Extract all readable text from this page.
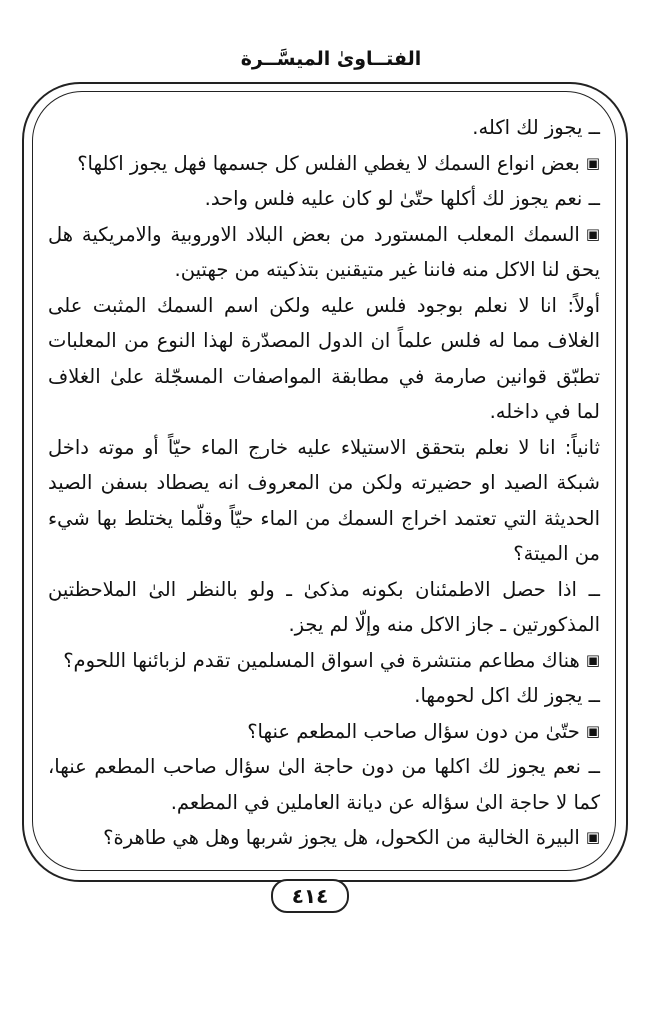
الفتــاوىٰ الميسَّــرة

ــ يجوز لك اكله.

▣ بعض انواع السمك لا يغطي الفلس كل جسمها فهل يجوز اكلها؟

ــ نعم يجوز لك أكلها حتّىٰ لو كان عليه فلس واحد.

▣ السمك المعلب المستورد من بعض البلاد الاوروبية والامريكية هل يحق لنا الاكل منه فاننا غير متيقنين بتذكيته من جهتين.

أولاً: انا لا نعلم بوجود فلس عليه ولكن اسم السمك المثبت على الغلاف مما له فلس علماً ان الدول المصدّرة لهذا النوع من المعلبات تطبّق قوانين صارمة في مطابقة المواصفات المسجّلة علىٰ الغلاف لما في داخله.

ثانياً: انا لا نعلم بتحقق الاستيلاء عليه خارج الماء حيّاً أو موته داخل شبكة الصيد او حضيرته ولكن من المعروف انه يصطاد بسفن الصيد الحديثة التي تعتمد اخراج السمك من الماء حيّاً وقلّما يختلط بها شيء من الميتة؟

ــ اذا حصل الاطمئنان بكونه مذكىٰ ـ ولو بالنظر الىٰ الملاحظتين المذكورتين ـ جاز الاكل منه وإلّا لم يجز.

▣ هناك مطاعم منتشرة في اسواق المسلمين تقدم لزبائنها اللحوم؟

ــ يجوز لك اكل لحومها.

▣ حتّىٰ من دون سؤال صاحب المطعم عنها؟

ــ نعم يجوز لك اكلها من دون حاجة الىٰ سؤال صاحب المطعم عنها، كما لا حاجة الىٰ سؤاله عن ديانة العاملين في المطعم.

▣ البيرة الخالية من الكحول، هل يجوز شربها وهل هي طاهرة؟

٤١٤
